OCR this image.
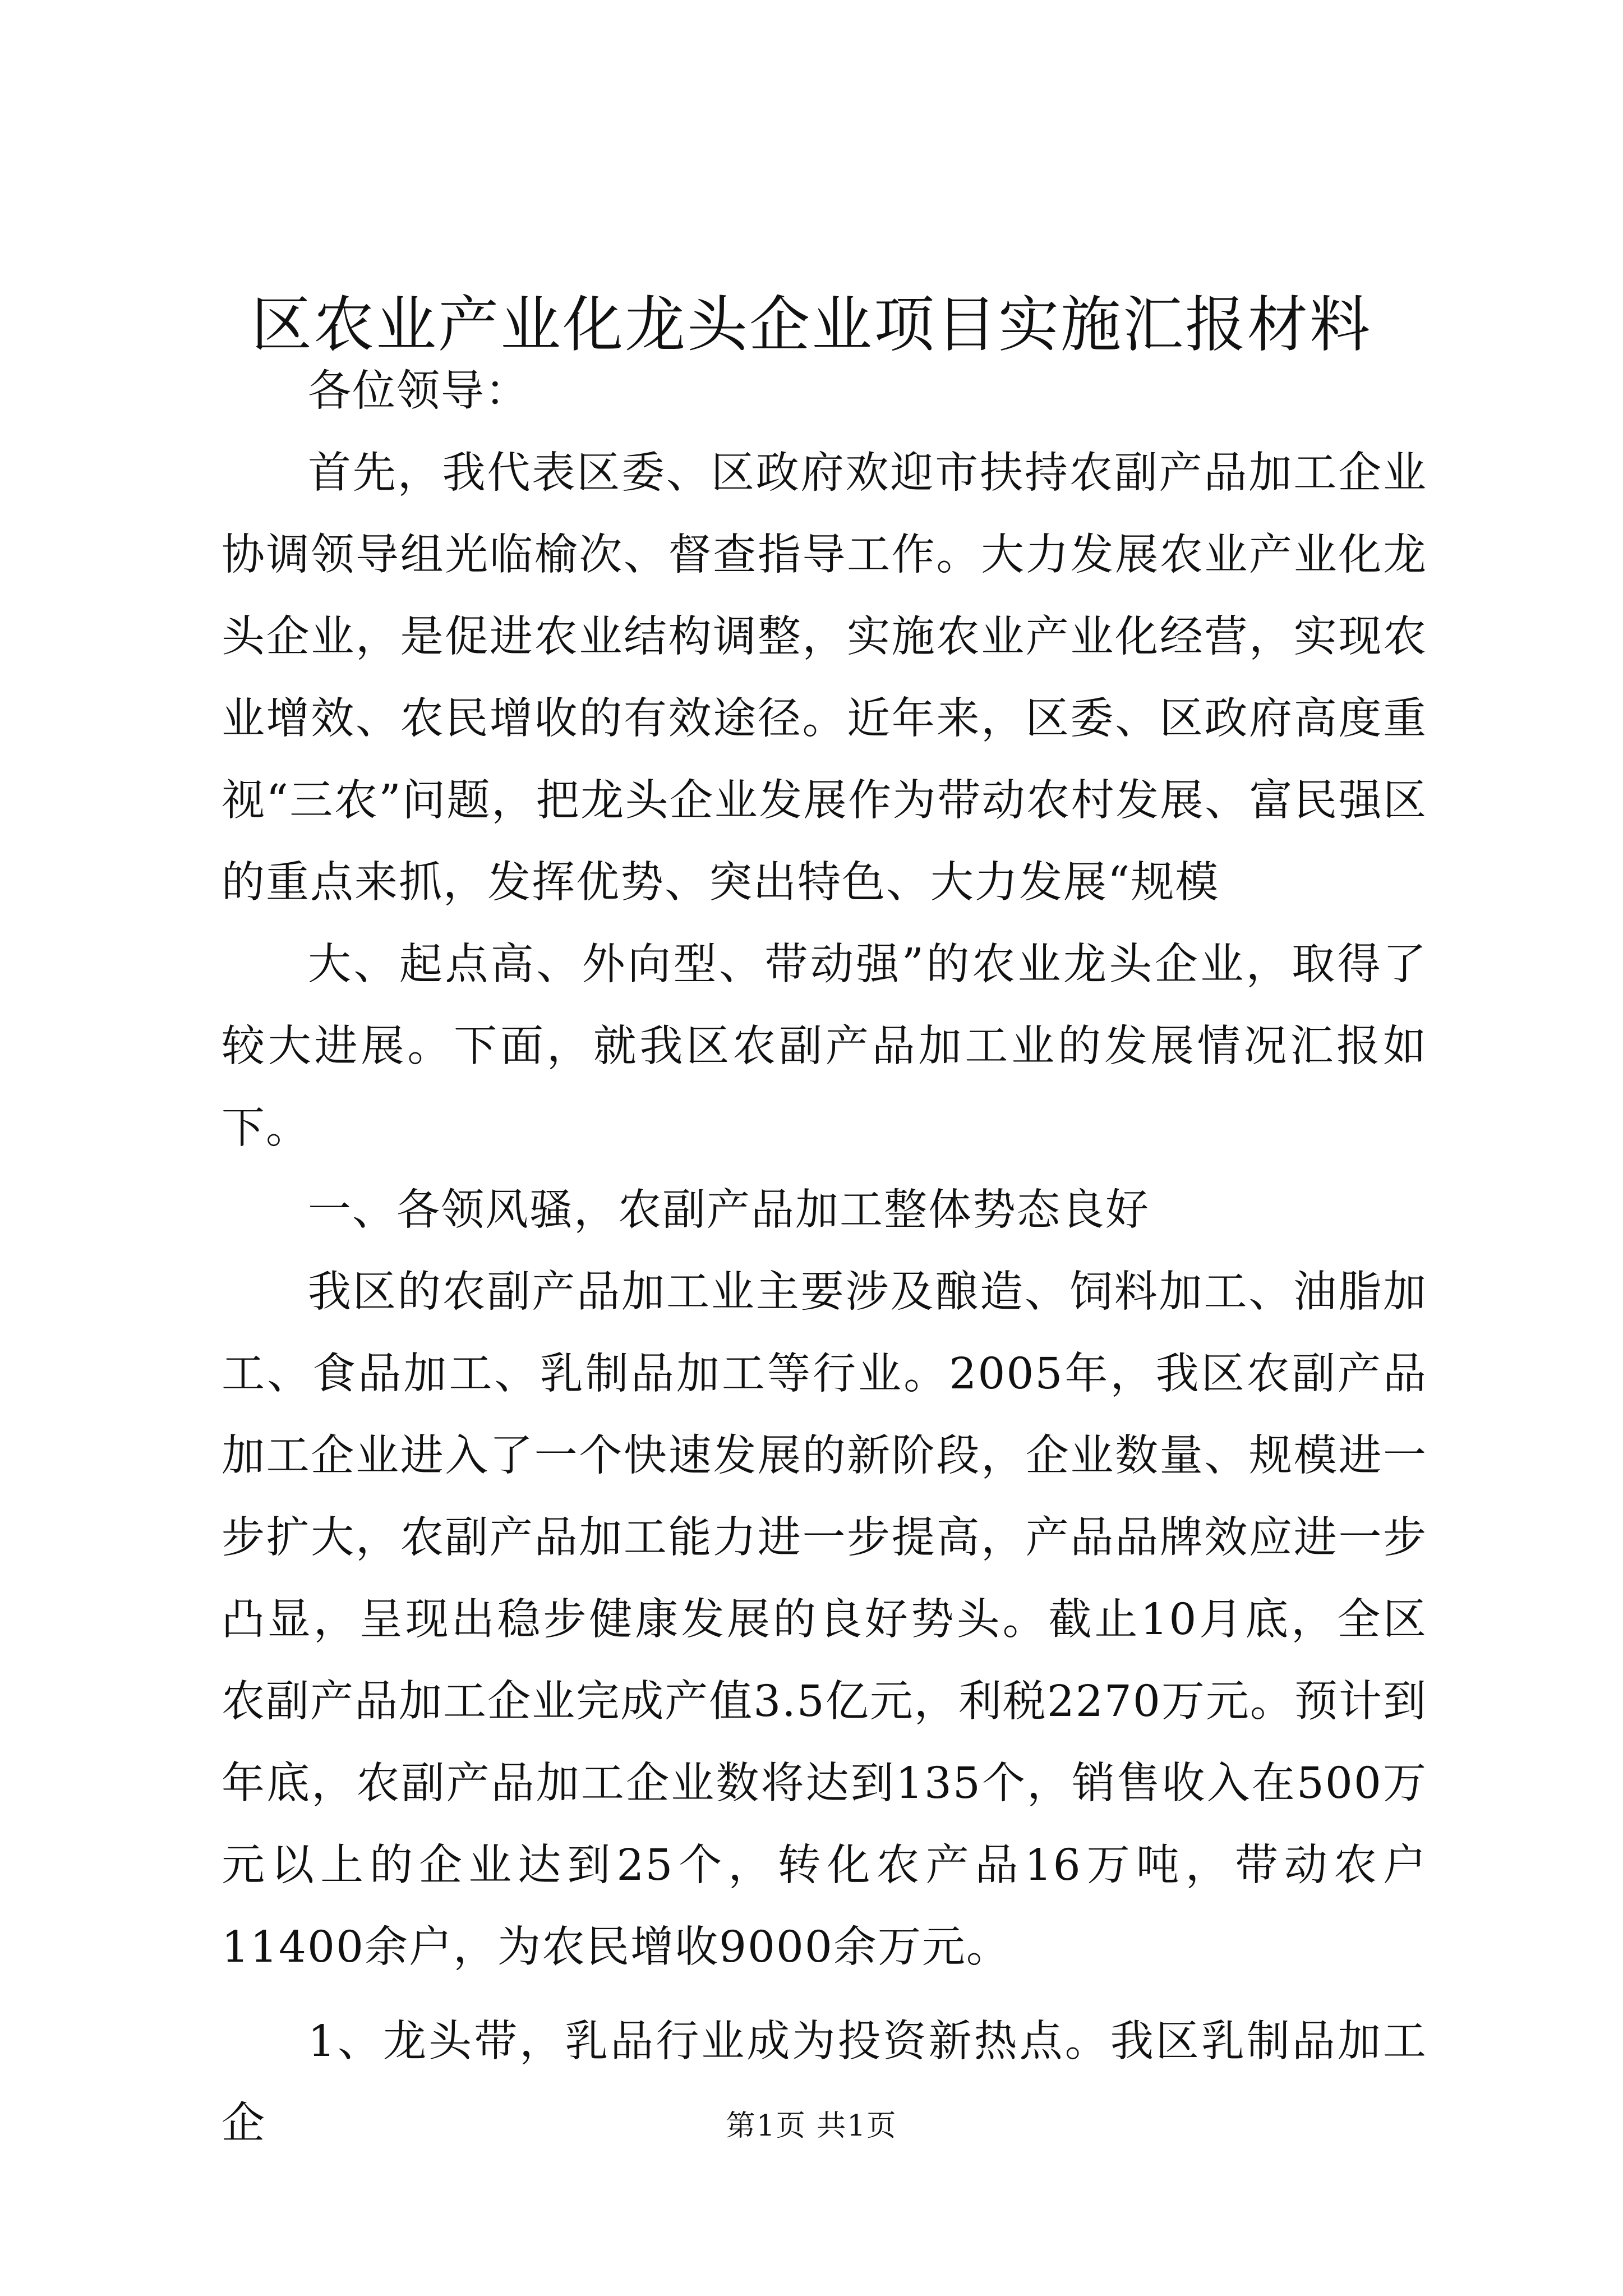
区农业产业化龙头企业项目实施汇报材料

各位领导：

首先，我代表区委、区政府欢迎市扶持农副产品加工企业协调领导组光临榆次、督查指导工作。大力发展农业产业化龙头企业，是促进农业结构调整，实施农业产业化经营，实现农业增效、农民增收的有效途径。近年来，区委、区政府高度重视“三农”问题，把龙头企业发展作为带动农村发展、富民强区的重点来抓，发挥优势、突出特色、大力发展“规模

大、起点高、外向型、带动强”的农业龙头企业，取得了较大进展。下面，就我区农副产品加工业的发展情况汇报如下。

一、各领风骚，农副产品加工整体势态良好

我区的农副产品加工业主要涉及酿造、饲料加工、油脂加工、食品加工、乳制品加工等行业。2005年，我区农副产品加工企业进入了一个快速发展的新阶段，企业数量、规模进一步扩大，农副产品加工能力进一步提高，产品品牌效应进一步凸显，呈现出稳步健康发展的良好势头。截止10月底，全区农副产品加工企业完成产值3.5亿元，利税2270万元。预计到年底，农副产品加工企业数将达到135个，销售收入在500万元以上的企业达到25个，转化农产品16万吨，带动农户11400余户，为农民增收9000余万元。

1、龙头带，乳品行业成为投资新热点。我区乳制品加工企	第1页 共1页
